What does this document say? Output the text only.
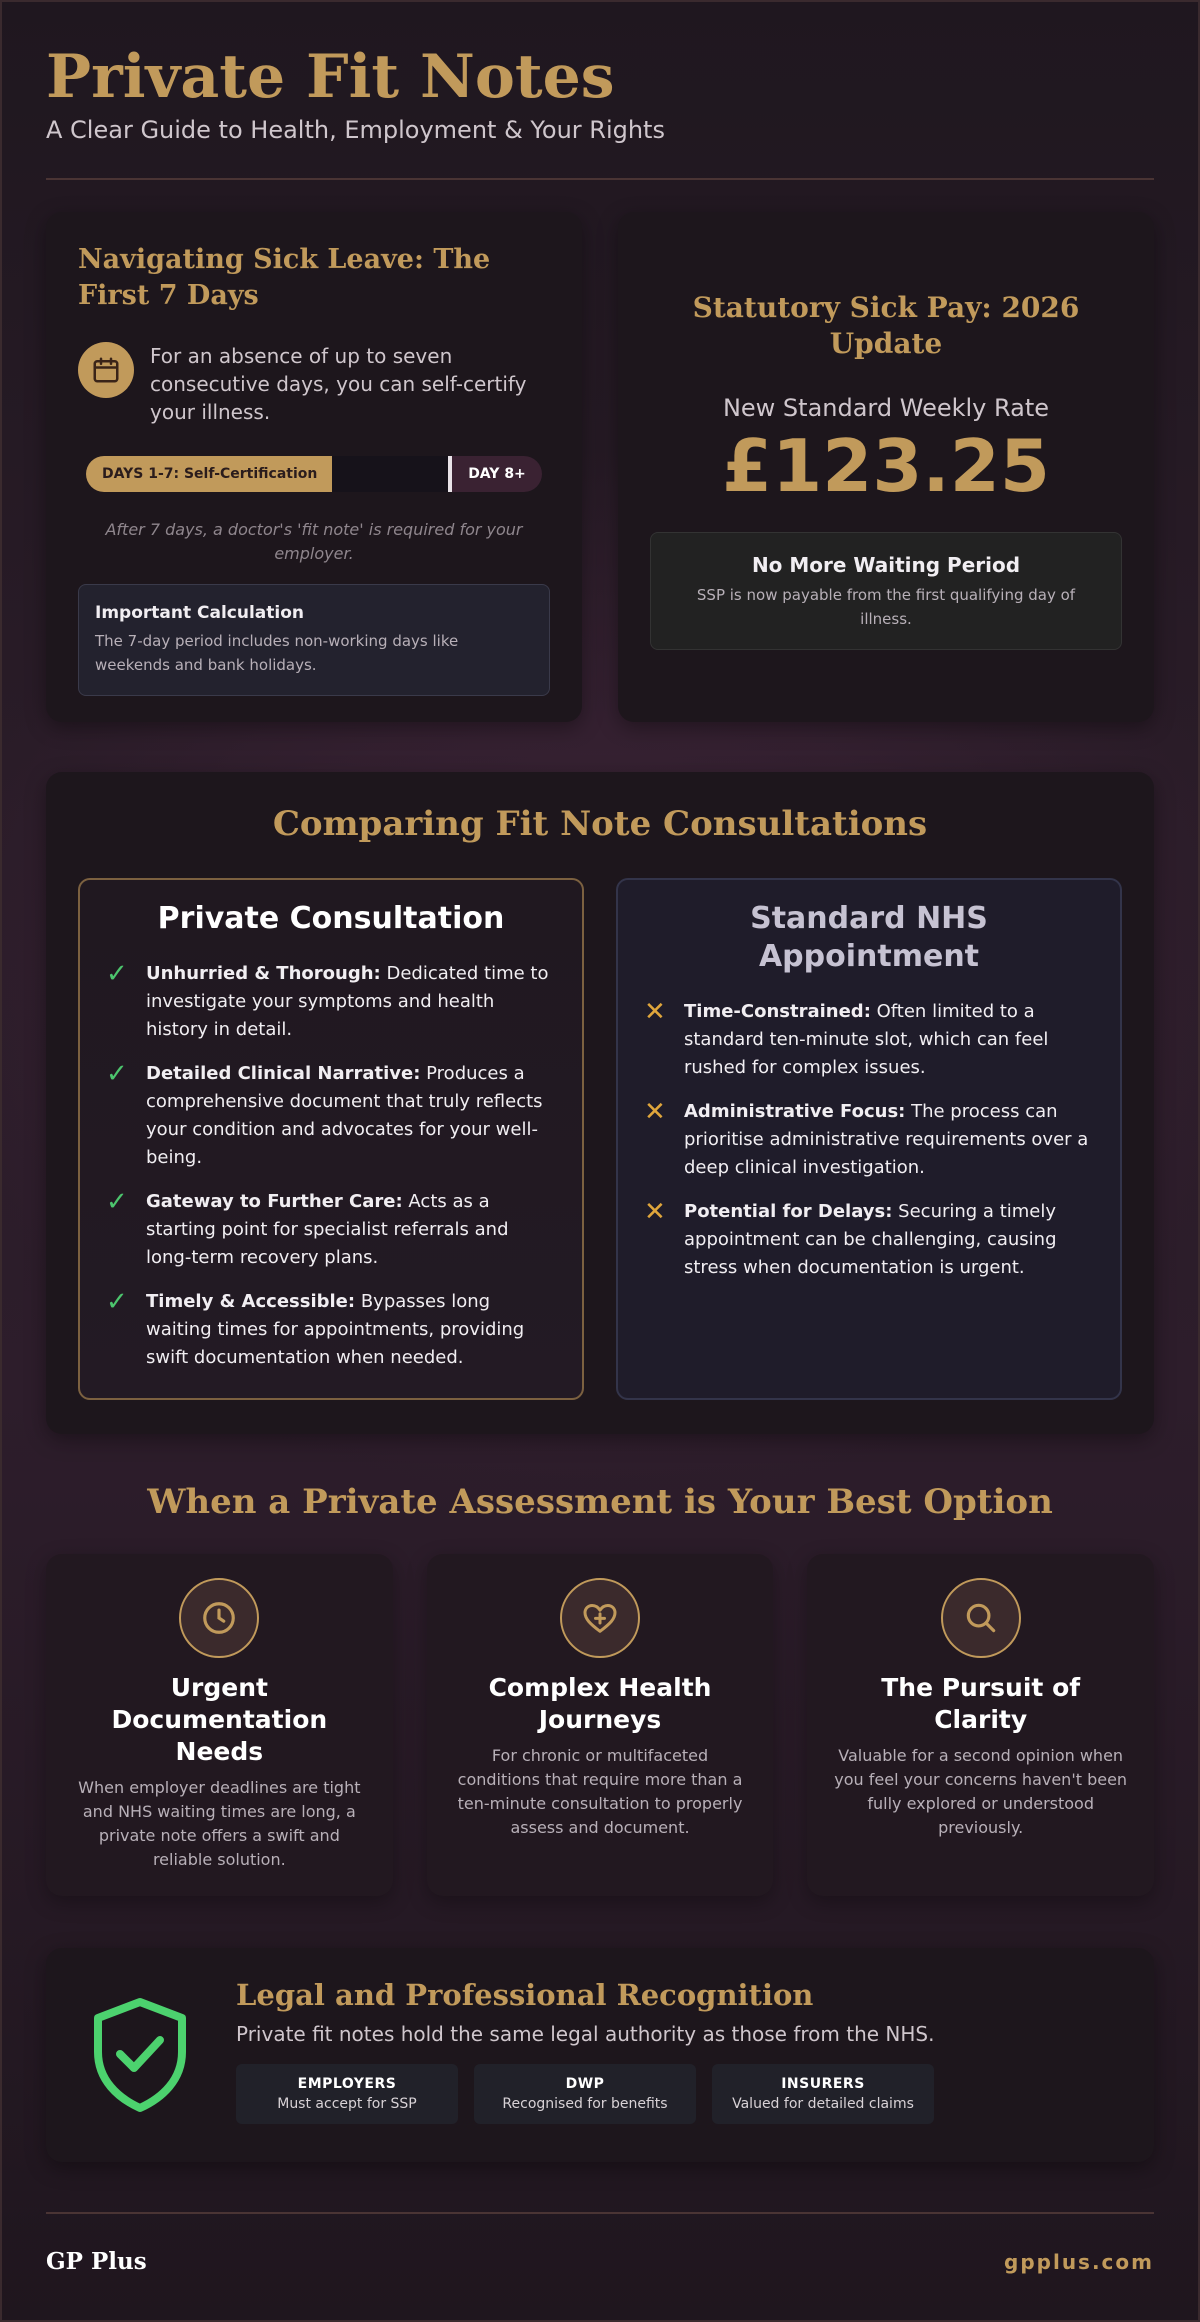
Private Fit Notes
A Clear Guide to Health, Employment & Your Rights
Navigating Sick Leave: The First 7 Days

For an absence of up to seven consecutive days, you can self-certify your illness.

DAYS 1-7: Self-Certification	DAY 8+

After 7 days, a doctor's 'fit note' is required for your employer.

Important Calculation
The 7-day period includes non-working days like weekends and bank holidays.
Statutory Sick Pay: 2026 Update
New Standard Weekly Rate
£123.25
No More Waiting Period
SSP is now payable from the first qualifying day of illness.
Comparing Fit Note Consultations
Private Consultation
✓ Unhurried & Thorough: Dedicated time to investigate your symptoms and health history in detail.
✓ Detailed Clinical Narrative: Produces a comprehensive document that truly reflects your condition and advocates for your well-being.
✓ Gateway to Further Care: Acts as a starting point for specialist referrals and long-term recovery plans.
✓ Timely & Accessible: Bypasses long waiting times for appointments, providing swift documentation when needed.
Standard NHS Appointment
✕ Time-Constrained: Often limited to a standard ten-minute slot, which can feel rushed for complex issues.
✕ Administrative Focus: The process can prioritise administrative requirements over a deep clinical investigation.
✕ Potential for Delays: Securing a timely appointment can be challenging, causing stress when documentation is urgent.
When a Private Assessment is Your Best Option
Urgent Documentation Needs

When employer deadlines are tight and NHS waiting times are long, a private note offers a swift and reliable solution.

Complex Health Journeys

For chronic or multifaceted conditions that require more than a ten-minute consultation to properly assess and document.

The Pursuit of Clarity

Valuable for a second opinion when you feel your concerns haven't been fully explored or understood previously.

Legal and Professional Recognition

Private fit notes hold the same legal authority as those from the NHS.

EMPLOYERS
Must accept for SSP
DWP
Recognised for benefits
INSURERS
Valued for detailed claims
GP Plus	gpplus.com
